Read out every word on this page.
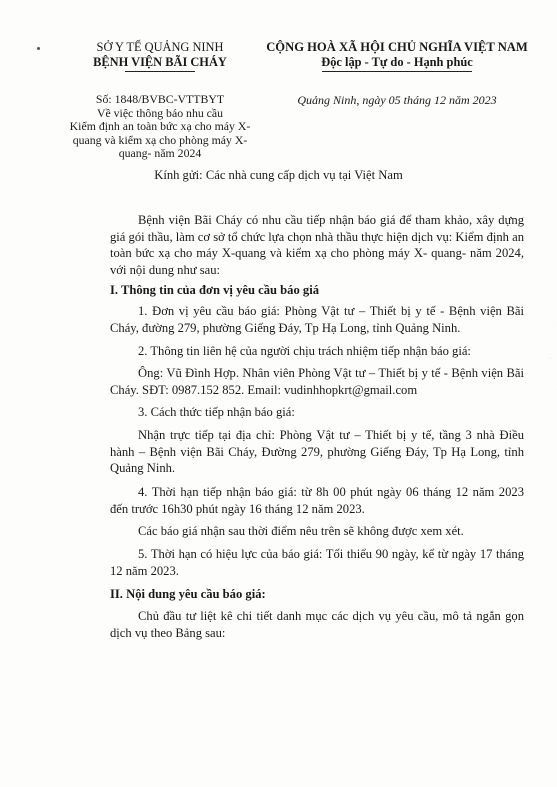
SỞ Y TẾ QUẢNG NINH
BỆNH VIỆN BÃI CHÁY
CỘNG HOÀ XÃ HỘI CHỦ NGHĨA VIỆT NAM
Độc lập - Tự do - Hạnh phúc
Số: 1848/BVBC-VTTBYT
Về việc thông báo nhu cầu
Kiểm định an toàn bức xạ cho máy X-
quang và kiểm xạ cho phòng máy X-
quang- năm 2024
Quảng Ninh, ngày 05 tháng 12 năm 2023
Kính gửi: Các nhà cung cấp dịch vụ tại Việt Nam
Bệnh viện Bãi Cháy có nhu cầu tiếp nhận báo giá để tham khảo, xây dựng giá gói thầu, làm cơ sở tổ chức lựa chọn nhà thầu thực hiện dịch vụ: Kiểm định an toàn bức xạ cho máy X-quang và kiểm xạ cho phòng máy X- quang- năm 2024, với nội dung như sau:
I. Thông tin của đơn vị yêu cầu báo giá
1. Đơn vị yêu cầu báo giá: Phòng Vật tư – Thiết bị y tế - Bệnh viện Bãi Cháy, đường 279, phường Giếng Đáy, Tp Hạ Long, tỉnh Quảng Ninh.
2. Thông tin liên hệ của người chịu trách nhiệm tiếp nhận báo giá:
Ông: Vũ Đình Hợp. Nhân viên Phòng Vật tư – Thiết bị y tế - Bệnh viện Bãi Cháy. SĐT: 0987.152 852. Email: vudinhhopkrt@gmail.com
3. Cách thức tiếp nhận báo giá:
Nhận trực tiếp tại địa chỉ: Phòng Vật tư – Thiết bị y tế, tầng 3 nhà Điều hành – Bệnh viện Bãi Cháy, Đường 279, phường Giếng Đáy, Tp Hạ Long, tỉnh Quảng Ninh.
4. Thời hạn tiếp nhận báo giá: từ 8h 00 phút ngày 06 tháng 12 năm 2023 đến trước 16h30 phút ngày 16 tháng 12 năm 2023.
Các báo giá nhận sau thời điểm nêu trên sẽ không được xem xét.
5. Thời hạn có hiệu lực của báo giá: Tối thiểu 90 ngày, kể từ ngày 17 tháng 12 năm 2023.
II. Nội dung yêu cầu báo giá:
Chủ đầu tư liệt kê chi tiết danh mục các dịch vụ yêu cầu, mô tả ngắn gọn dịch vụ theo Bảng sau:
·
